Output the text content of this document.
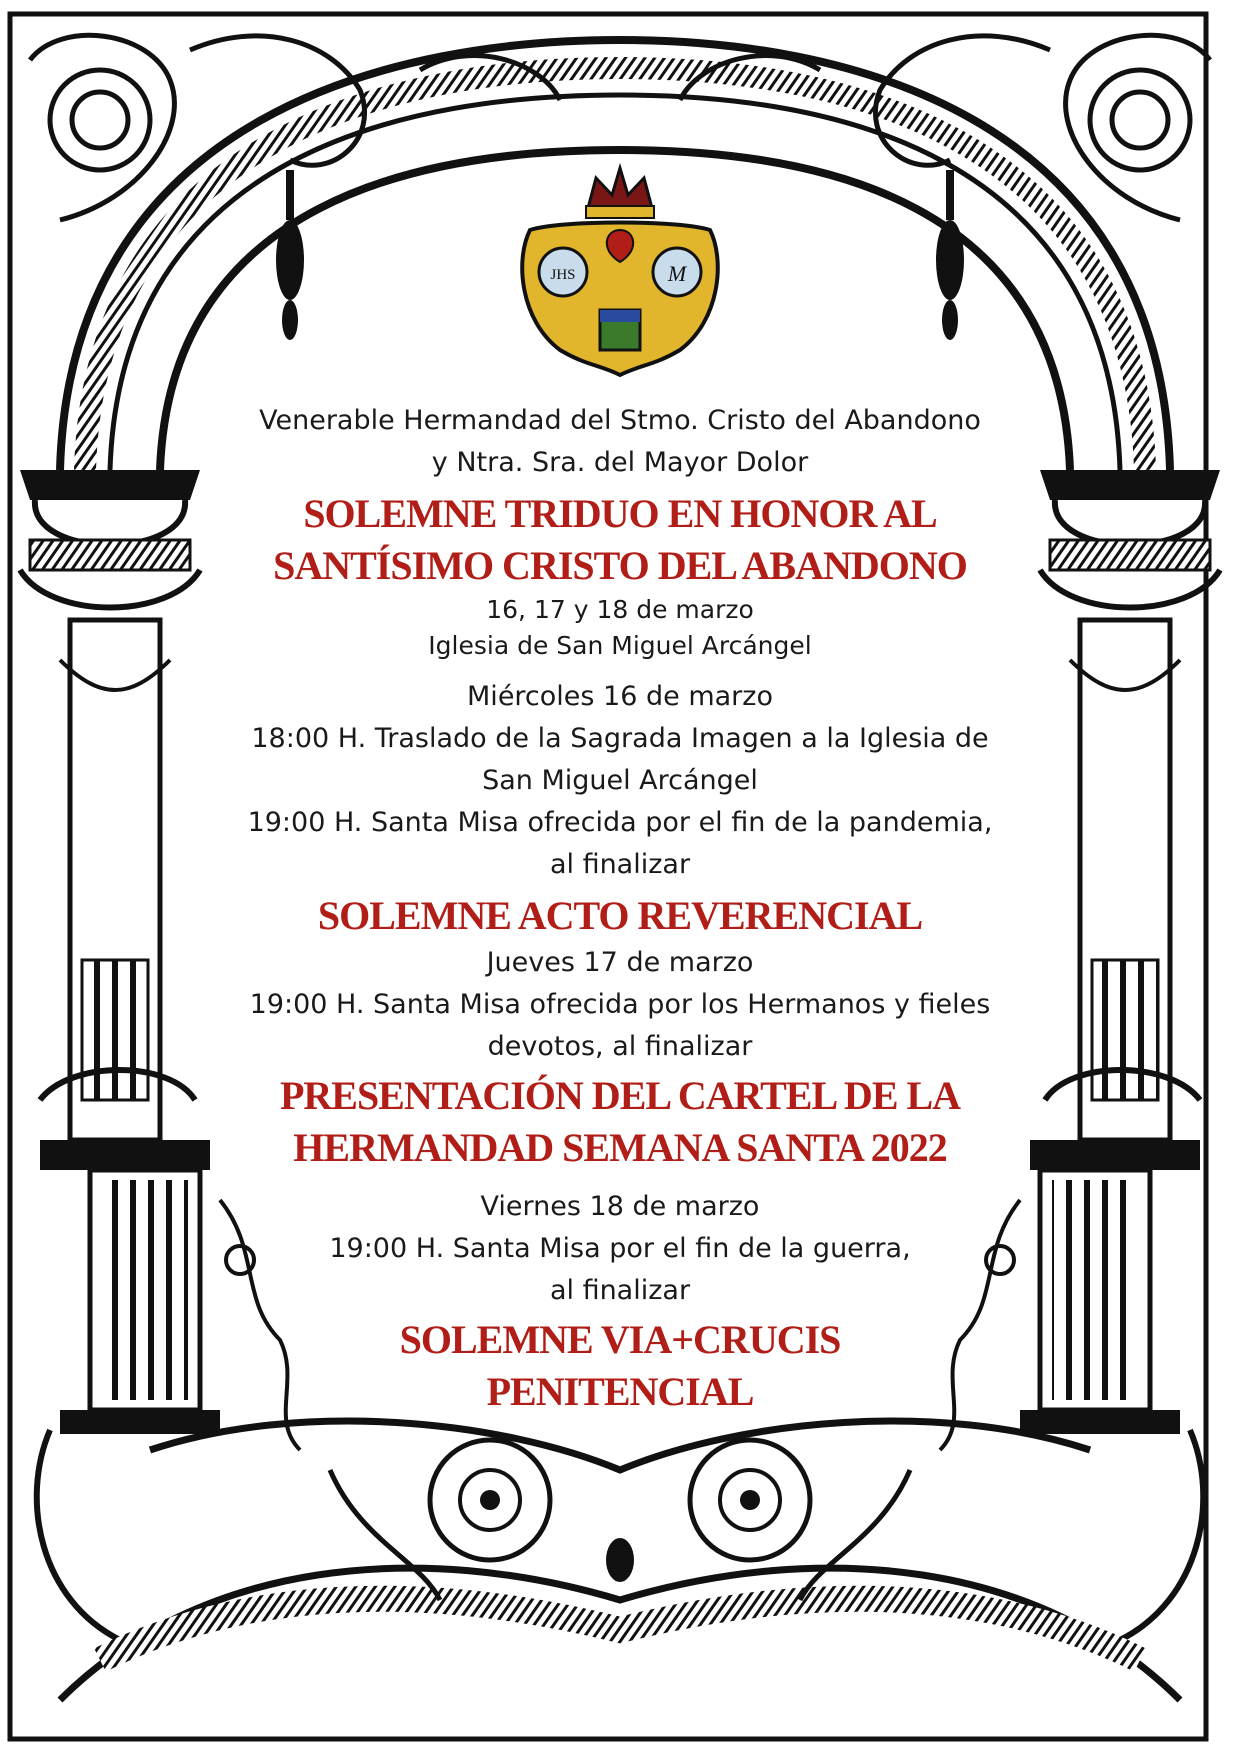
JHS	M
Venerable Hermandad del Stmo. Cristo del Abandono
y Ntra. Sra. del Mayor Dolor
SOLEMNE TRIDUO EN HONOR AL
SANTÍSIMO CRISTO DEL ABANDONO
16, 17 y 18 de marzo
Iglesia de San Miguel Arcángel
Miércoles 16 de marzo
18:00 H. Traslado de la Sagrada Imagen a la Iglesia de
San Miguel Arcángel
19:00 H. Santa Misa ofrecida por el fin de la pandemia,
al finalizar
SOLEMNE ACTO REVERENCIAL
Jueves 17 de marzo
19:00 H. Santa Misa ofrecida por los Hermanos y fieles
devotos, al finalizar
PRESENTACIÓN DEL CARTEL DE LA
HERMANDAD SEMANA SANTA 2022
Viernes 18 de marzo
19:00 H. Santa Misa por el fin de la guerra,
al finalizar
SOLEMNE VIA+CRUCIS
PENITENCIAL
